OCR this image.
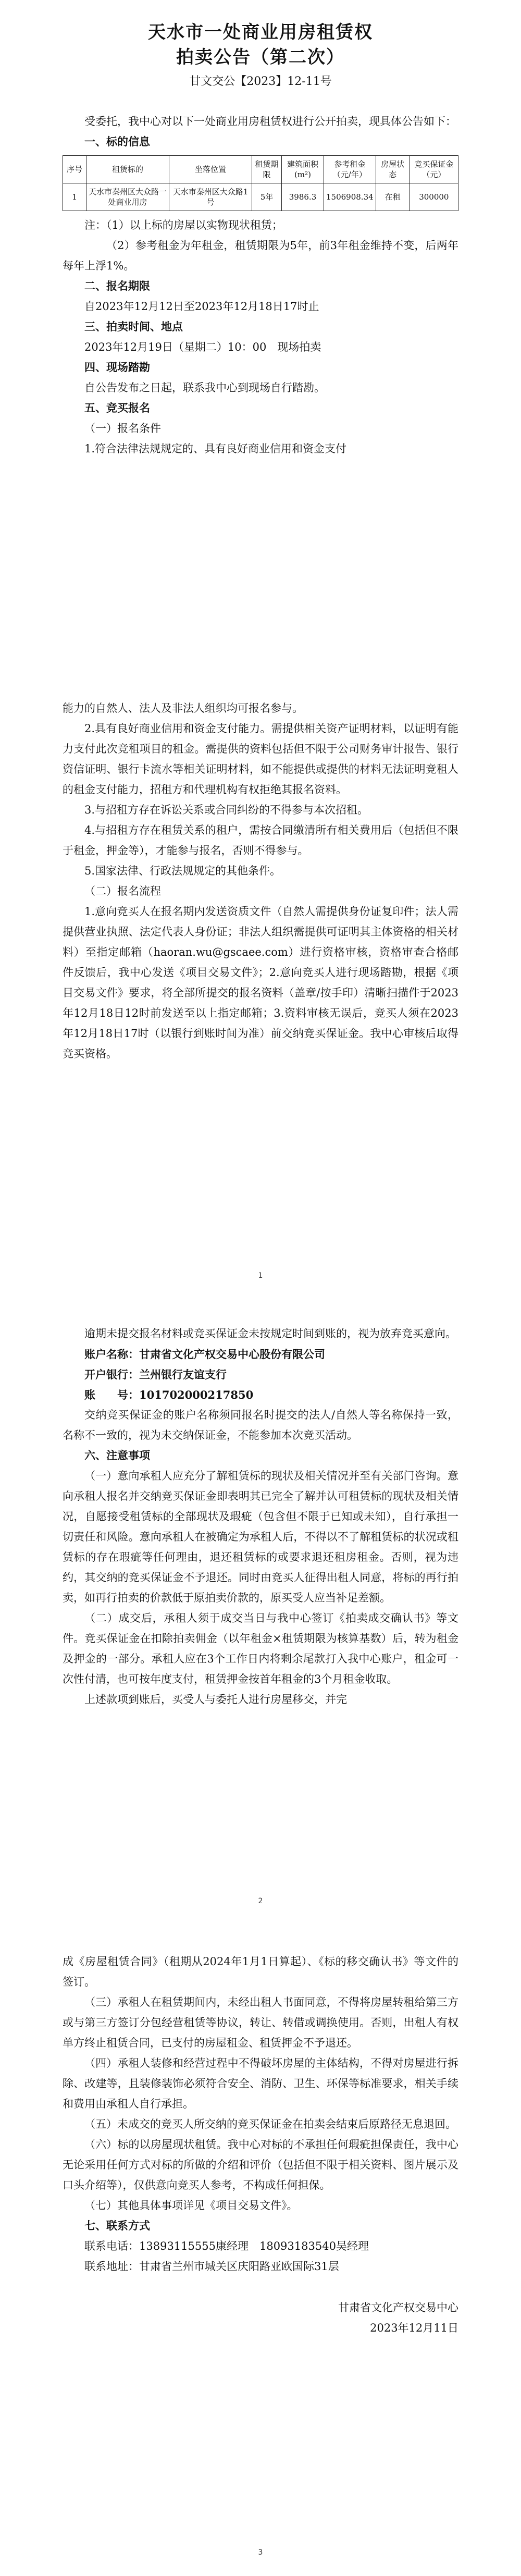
天水市一处商业用房租赁权
拍卖公告（第二次）
甘文交公【2023】12-11号

受委托，我中心对以下一处商业用房租赁权进行公开拍卖，现具体公告如下：

一、标的信息
序号	租赁标的	坐落位置	租赁期限	建筑面积(m²)	参考租金（元/年）	房屋状态	竞买保证金（元）
1	天水市秦州区大众路一处商业用房	天水市秦州区大众路1号	5年	3986.3	1506908.34	在租	300000

注：（1）以上标的房屋以实物现状租赁；

（2）参考租金为年租金，租赁期限为5年，前3年租金维持不变，后两年每年上浮1%。

二、报名期限

自2023年12月12日至2023年12月18日17时止

三、拍卖时间、地点

2023年12月19日（星期二）10：00　现场拍卖

四、现场踏勘

自公告发布之日起，联系我中心到现场自行踏勘。

五、竞买报名

（一）报名条件

1.符合法律法规规定的、具有良好商业信用和资金支付

能力的自然人、法人及非法人组织均可报名参与。

2.具有良好商业信用和资金支付能力。需提供相关资产证明材料，以证明有能力支付此次竞租项目的租金。需提供的资料包括但不限于公司财务审计报告、银行资信证明、银行卡流水等相关证明材料，如不能提供或提供的材料无法证明竞租人的租金支付能力，招租方和代理机构有权拒绝其报名资料。

3.与招租方存在诉讼关系或合同纠纷的不得参与本次招租。

4.与招租方存在租赁关系的租户，需按合同缴清所有相关费用后（包括但不限于租金，押金等），才能参与报名，否则不得参与。

5.国家法律、行政法规规定的其他条件。

（二）报名流程

1.意向竞买人在报名期内发送资质文件（自然人需提供身份证复印件；法人需提供营业执照、法定代表人身份证；非法人组织需提供可证明其主体资格的相关材料）至指定邮箱（haoran.wu@gscaee.com）进行资格审核，资格审查合格邮件反馈后，我中心发送《项目交易文件》；2.意向竞买人进行现场踏勘，根据《项目交易文件》要求，将全部所提交的报名资料（盖章/按手印）清晰扫描件于2023年12月18日12时前发送至以上指定邮箱；3.资料审核无误后，竞买人须在2023年12月18日17时（以银行到账时间为准）前交纳竞买保证金。我中心审核后取得竞买资格。

1

逾期未提交报名材料或竞买保证金未按规定时间到账的，视为放弃竞买意向。

账户名称：甘肃省文化产权交易中心股份有限公司

开户银行：兰州银行友谊支行

账　　号：101702000217850

交纳竞买保证金的账户名称须同报名时提交的法人/自然人等名称保持一致，名称不一致的，视为未交纳保证金，不能参加本次竞买活动。

六、注意事项

（一）意向承租人应充分了解租赁标的现状及相关情况并至有关部门咨询。意向承租人报名并交纳竞买保证金即表明其已完全了解并认可租赁标的现状及相关情况，自愿接受租赁标的全部现状及瑕疵（包含但不限于已知或未知），自行承担一切责任和风险。意向承租人在被确定为承租人后，不得以不了解租赁标的状况或租赁标的存在瑕疵等任何理由，退还租赁标的或要求退还租房租金。否则，视为违约，其交纳的竞买保证金不予退还。同时由竞买人征得出租人同意，将标的再行拍卖，如再行拍卖的价款低于原拍卖价款的，原买受人应当补足差额。

（二）成交后，承租人须于成交当日与我中心签订《拍卖成交确认书》等文件。竞买保证金在扣除拍卖佣金（以年租金×租赁期限为核算基数）后，转为租金及押金的一部分。承租人应在3个工作日内将剩余尾款打入我中心账户，租金可一次性付清，也可按年度支付，租赁押金按首年租金的3个月租金收取。

上述款项到账后，买受人与委托人进行房屋移交，并完

2

成《房屋租赁合同》（租期从2024年1月1日算起）、《标的移交确认书》等文件的签订。

（三）承租人在租赁期间内，未经出租人书面同意，不得将房屋转租给第三方或与第三方签订分包经营租赁等协议，转让、转借或调换使用。否则，出租人有权单方终止租赁合同，已支付的房屋租金、租赁押金不予退还。

（四）承租人装修和经营过程中不得破坏房屋的主体结构，不得对房屋进行拆除、改建等，且装修装饰必须符合安全、消防、卫生、环保等标准要求，相关手续和费用由承租人自行承担。

（五）未成交的竞买人所交纳的竞买保证金在拍卖会结束后原路径无息退回。

（六）标的以房屋现状租赁。我中心对标的不承担任何瑕疵担保责任，我中心无论采用任何方式对标的所做的介绍和评价（包括但不限于相关资料、图片展示及口头介绍等），仅供意向竞买人参考，不构成任何担保。

（七）其他具体事项详见《项目交易文件》。

七、联系方式

联系电话：13893115555康经理　18093183540吴经理

联系地址：甘肃省兰州市城关区庆阳路亚欧国际31层

甘肃省文化产权交易中心

2023年12月11日

3
